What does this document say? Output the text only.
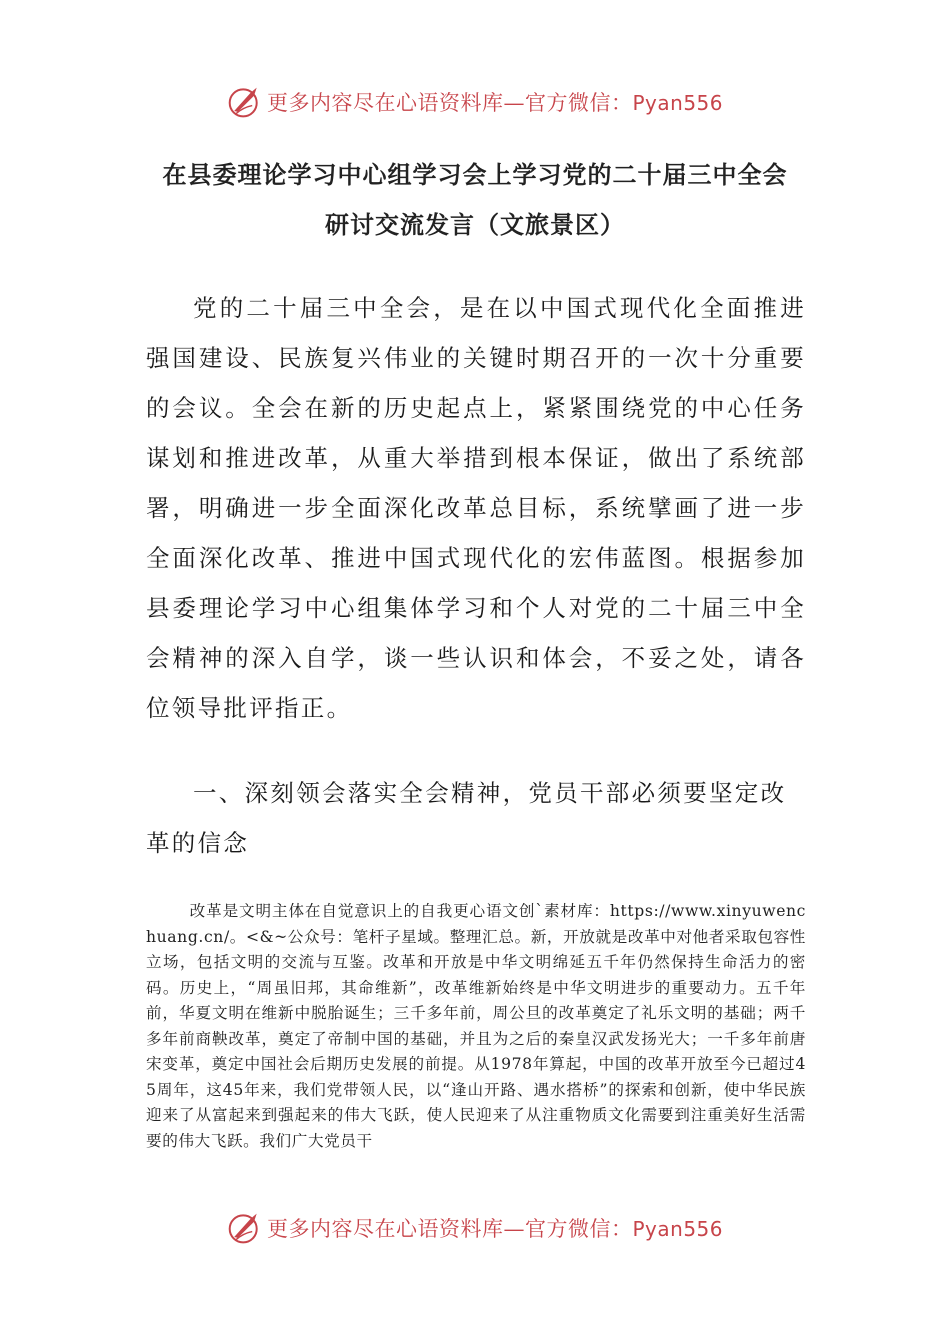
更多内容尽在心语资料库—官方微信：Pyan556
在县委理论学习中心组学习会上学习党的二十届三中全会
研讨交流发言（文旅景区）
党的二十届三中全会，是在以中国式现代化全面推进强国建设、民族复兴伟业的关键时期召开的一次十分重要的会议。全会在新的历史起点上，紧紧围绕党的中心任务谋划和推进改革，从重大举措到根本保证，做出了系统部署，明确进一步全面深化改革总目标，系统擘画了进一步全面深化改革、推进中国式现代化的宏伟蓝图。根据参加县委理论学习中心组集体学习和个人对党的二十届三中全会精神的深入自学，谈一些认识和体会，不妥之处，请各位领导批评指正。
一、深刻领会落实全会精神，党员干部必须要坚定改革的信念
改革是文明主体在自觉意识上的自我更心语文创`素材库：https://www.xinyuwenchuang.cn/。<&~公众号：笔杆子星域。整理汇总。新，开放就是改革中对他者采取包容性立场，包括文明的交流与互鉴。改革和开放是中华文明绵延五千年仍然保持生命活力的密码。历史上，“周虽旧邦，其命维新”，改革维新始终是中华文明进步的重要动力。五千年前，华夏文明在维新中脱胎诞生；三千多年前，周公旦的改革奠定了礼乐文明的基础；两千多年前商鞅改革，奠定了帝制中国的基础，并且为之后的秦皇汉武发扬光大；一千多年前唐宋变革，奠定中国社会后期历史发展的前提。从1978年算起，中国的改革开放至今已超过45周年，这45年来，我们党带领人民，以“逢山开路、遇水搭桥”的探索和创新，使中华民族迎来了从富起来到强起来的伟大飞跃，使人民迎来了从注重物质文化需要到注重美好生活需要的伟大飞跃。我们广大党员干
更多内容尽在心语资料库—官方微信：Pyan556
